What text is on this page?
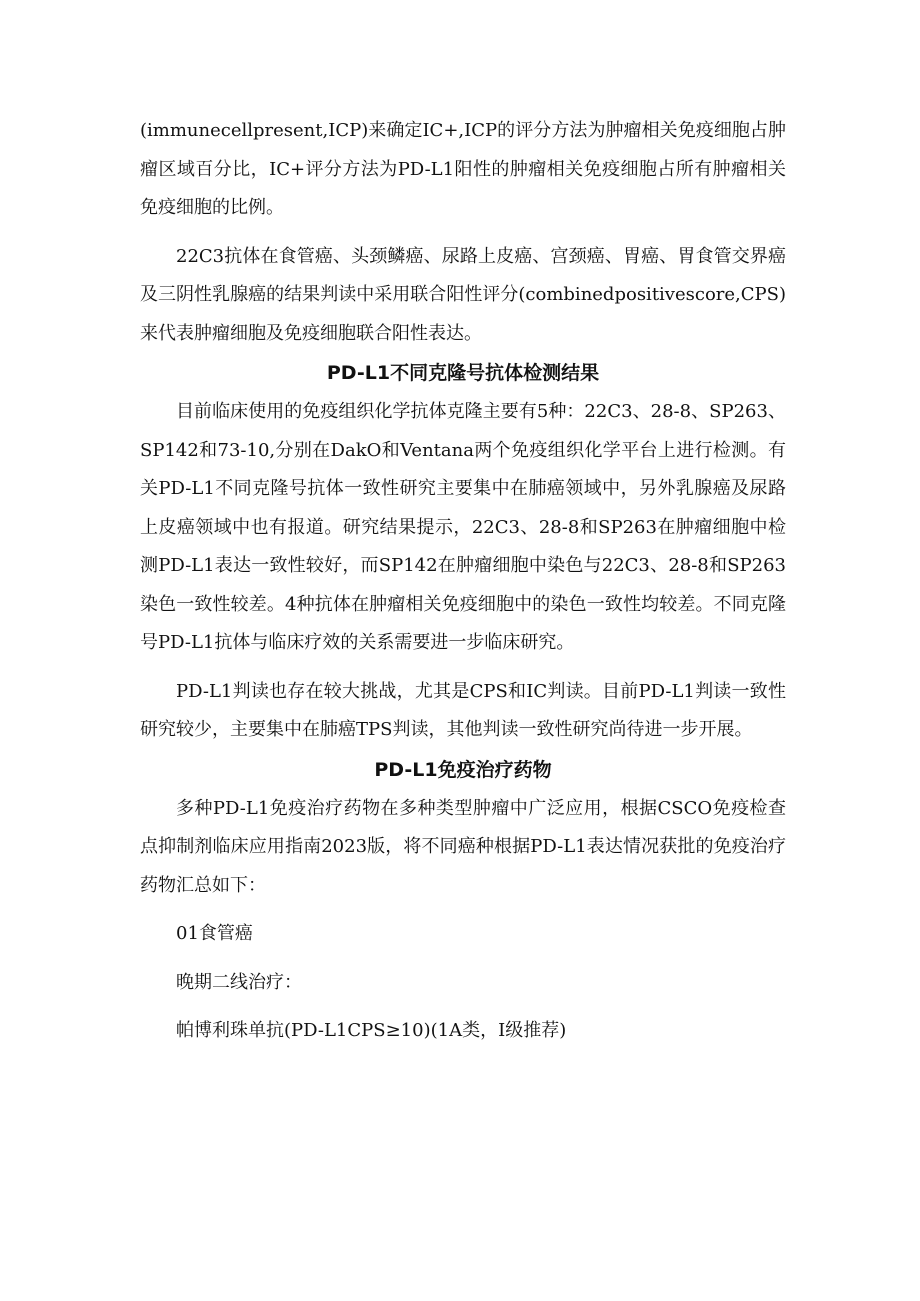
(immunecellpresent,ICP)来确定IC+,ICP的评分方法为肿瘤相关免疫细胞占肿瘤区域百分比，IC+评分方法为PD-L1阳性的肿瘤相关免疫细胞占所有肿瘤相关免疫细胞的比例。

22C3抗体在食管癌、头颈鳞癌、尿路上皮癌、宫颈癌、胃癌、胃食管交界癌及三阴性乳腺癌的结果判读中采用联合阳性评分(combinedpositivescore,CPS)来代表肿瘤细胞及免疫细胞联合阳性表达。

PD-L1不同克隆号抗体检测结果

目前临床使用的免疫组织化学抗体克隆主要有5种：22C3、28-8、SP263、SP142和73-10,分别在DakO和Ventana两个免疫组织化学平台上进行检测。有关PD-L1不同克隆号抗体一致性研究主要集中在肺癌领域中，另外乳腺癌及尿路上皮癌领域中也有报道。研究结果提示，22C3、28-8和SP263在肿瘤细胞中检测PD-L1表达一致性较好，而SP142在肿瘤细胞中染色与22C3、28-8和SP263染色一致性较差。4种抗体在肿瘤相关免疫细胞中的染色一致性均较差。不同克隆号PD-L1抗体与临床疗效的关系需要进一步临床研究。

PD-L1判读也存在较大挑战，尤其是CPS和IC判读。目前PD-L1判读一致性研究较少，主要集中在肺癌TPS判读，其他判读一致性研究尚待进一步开展。

PD-L1免疫治疗药物

多种PD-L1免疫治疗药物在多种类型肿瘤中广泛应用，根据CSCO免疫检查点抑制剂临床应用指南2023版，将不同癌种根据PD-L1表达情况获批的免疫治疗药物汇总如下：

01食管癌

晚期二线治疗：

帕博利珠单抗(PD-L1CPS≥10)(1A类，I级推荐)
